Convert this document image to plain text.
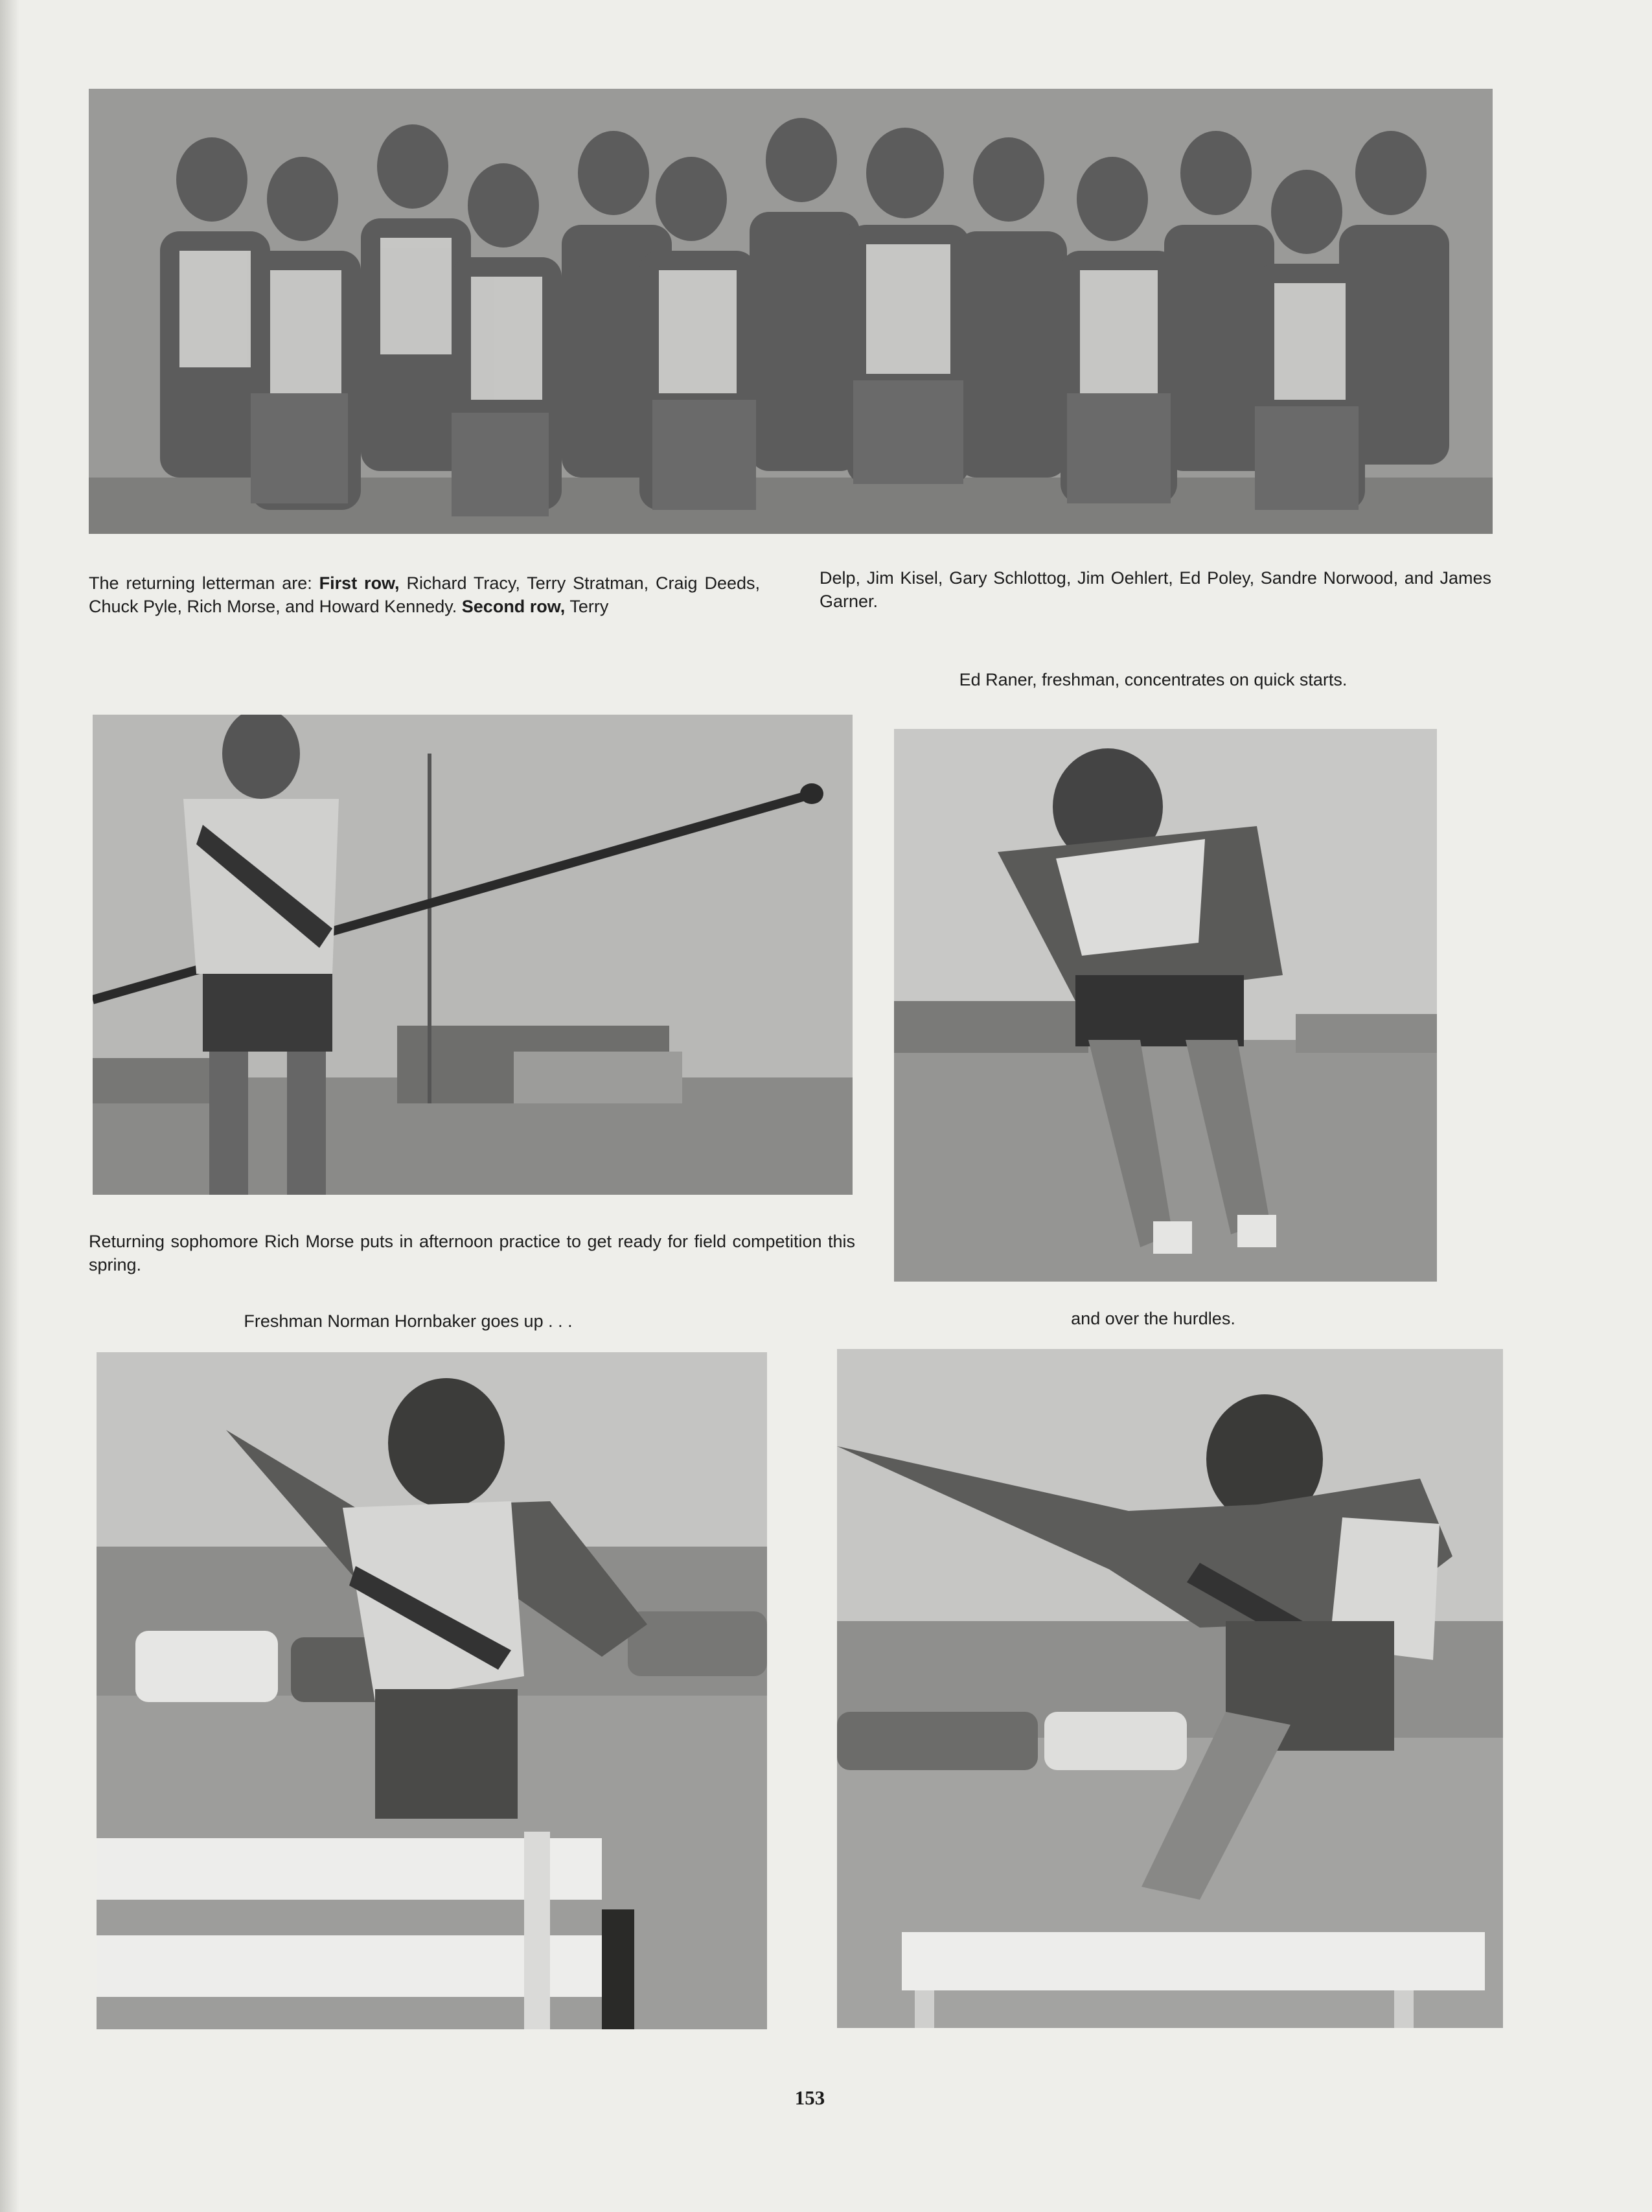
The returning letterman are: First row, Richard Tracy, Terry Stratman, Craig Deeds, Chuck Pyle, Rich Morse, and Howard Kennedy. Second row, Terry
Delp, Jim Kisel, Gary Schlottog, Jim Oehlert, Ed Poley, Sandre Norwood, and James Garner.
Ed Raner, freshman, concentrates on quick starts.
Returning sophomore Rich Morse puts in afternoon practice to get ready for field competition this spring.
Freshman Norman Hornbaker goes up . . .	and over the hurdles.
153
